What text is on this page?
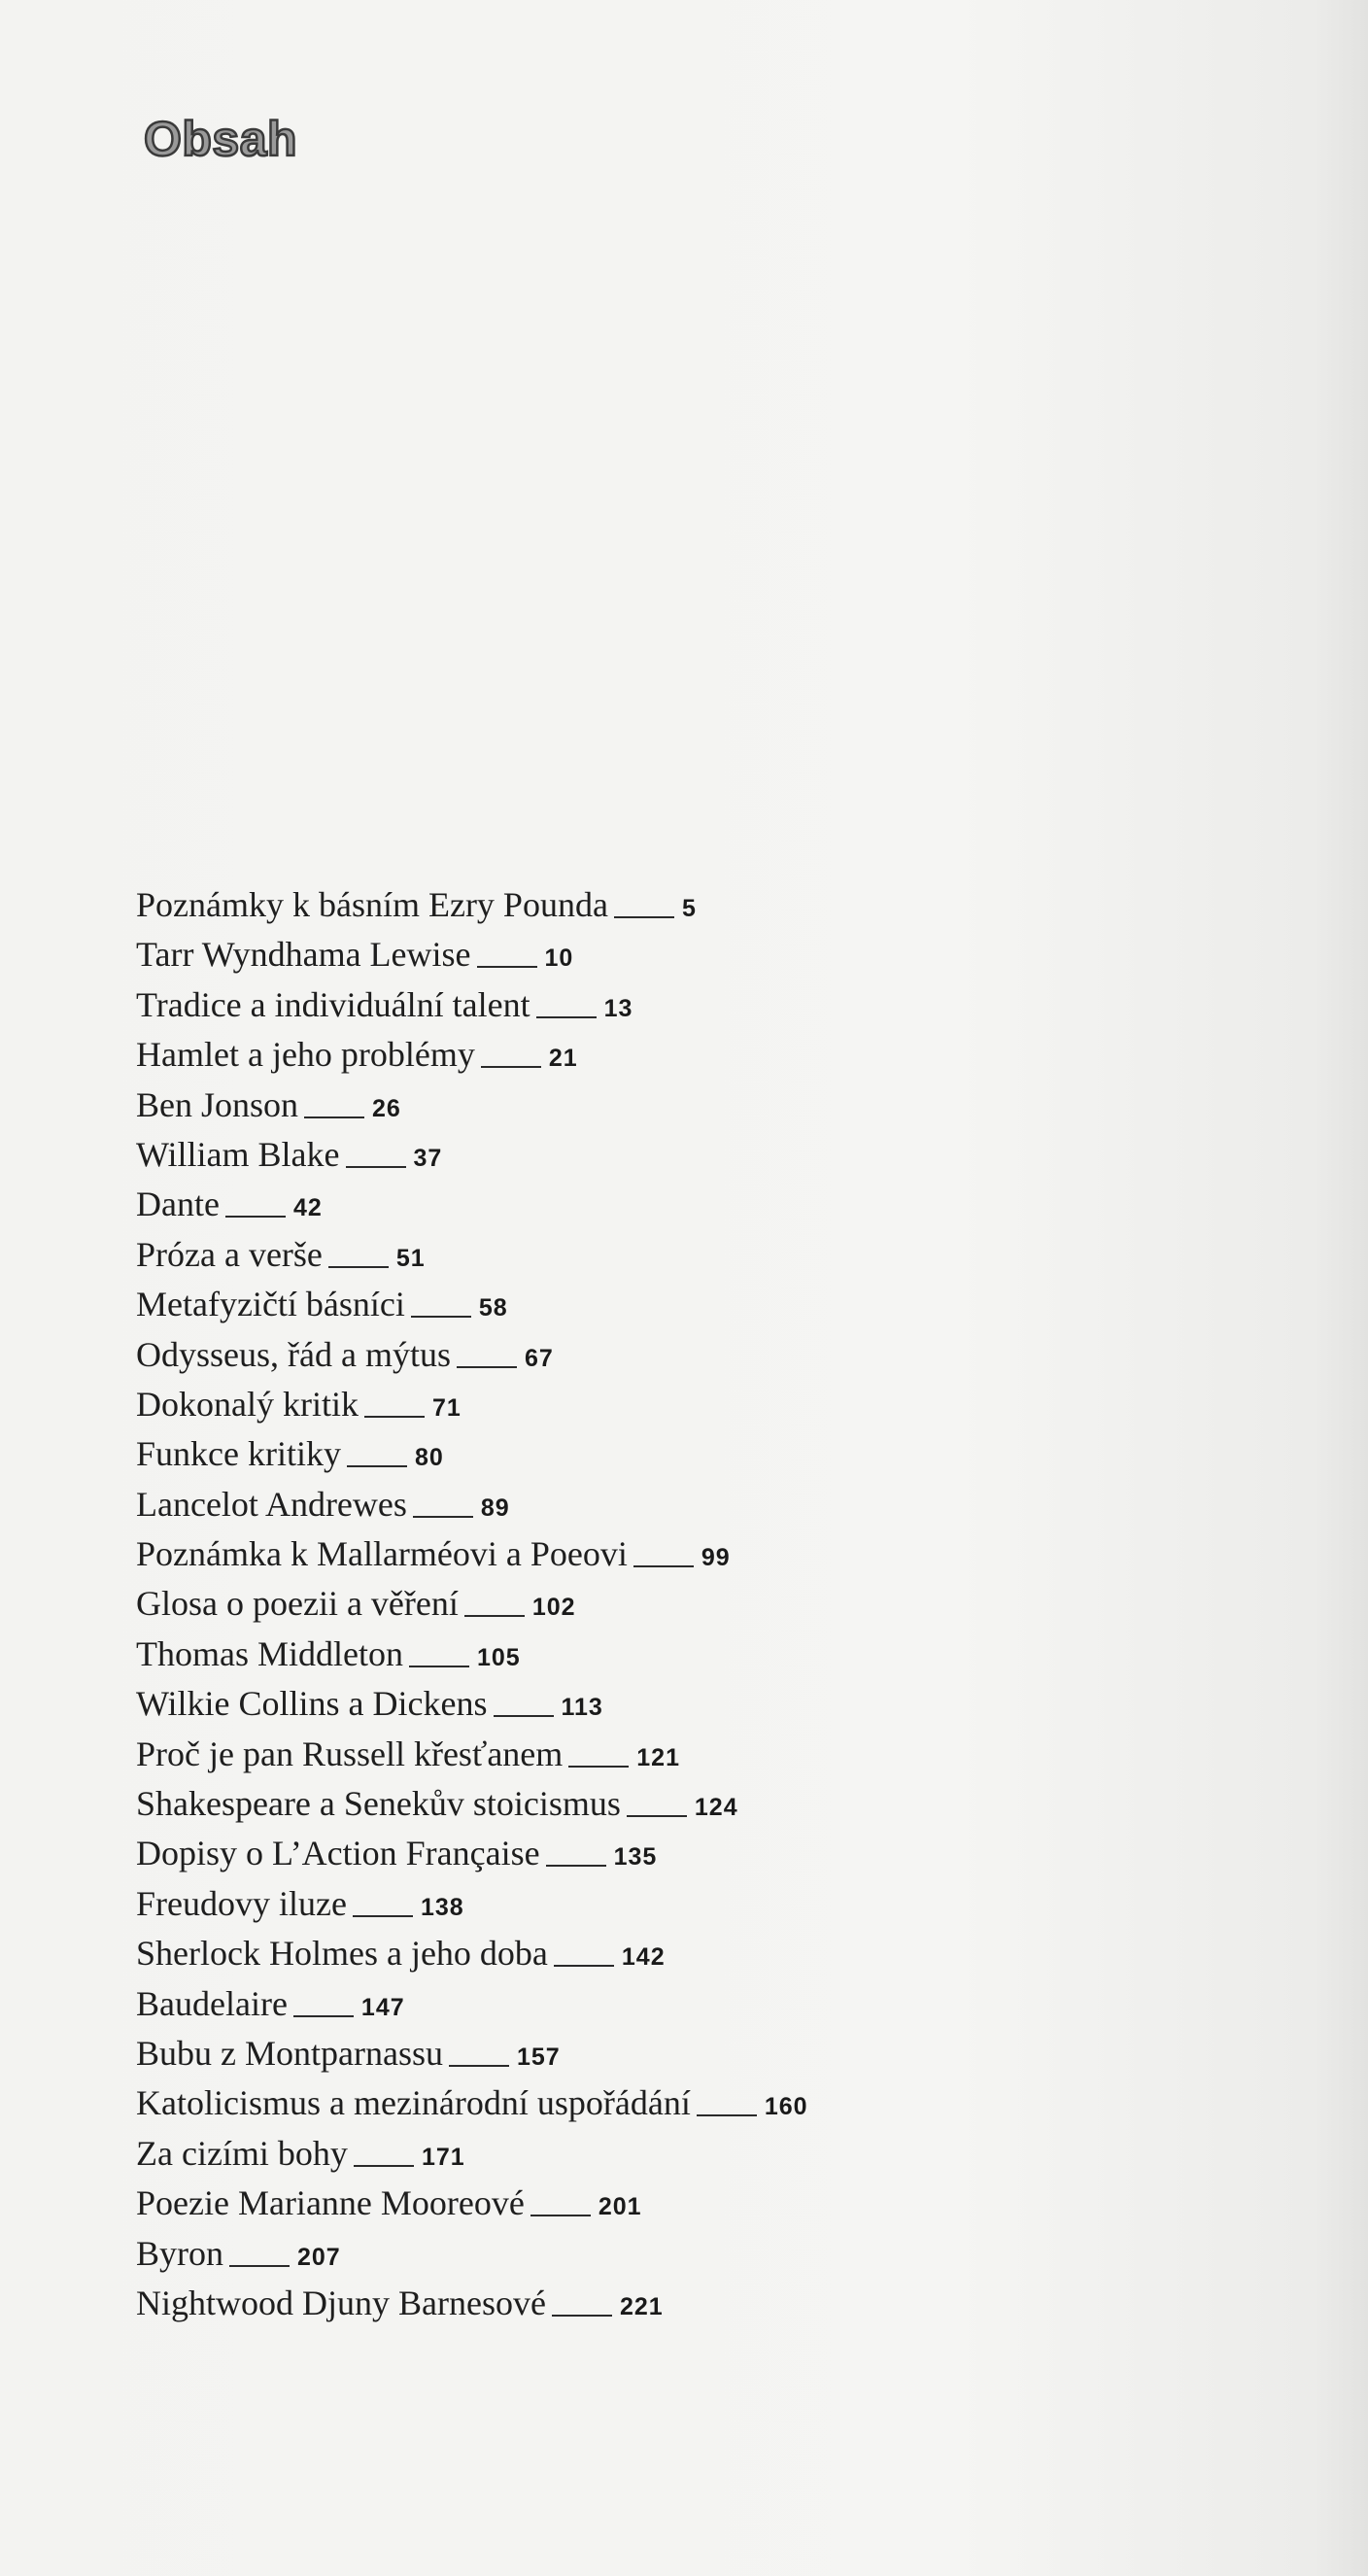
Obsah
Poznámky k básním Ezry Pounda	5
Tarr Wyndhama Lewise	10
Tradice a individuální talent	13
Hamlet a jeho problémy	21
Ben Jonson	26
William Blake	37
Dante	42
Próza a verše	51
Metafyzičtí básníci	58
Odysseus, řád a mýtus	67
Dokonalý kritik	71
Funkce kritiky	80
Lancelot Andrewes	89
Poznámka k Mallarméovi a Poeovi	99
Glosa o poezii a věření	102
Thomas Middleton	105
Wilkie Collins a Dickens	113
Proč je pan Russell křesťanem	121
Shakespeare a Senekův stoicismus	124
Dopisy o L’Action Française	135
Freudovy iluze	138
Sherlock Holmes a jeho doba	142
Baudelaire	147
Bubu z Montparnassu	157
Katolicismus a mezinárodní uspořádání	160
Za cizími bohy	171
Poezie Marianne Mooreové	201
Byron	207
Nightwood Djuny Barnesové	221
